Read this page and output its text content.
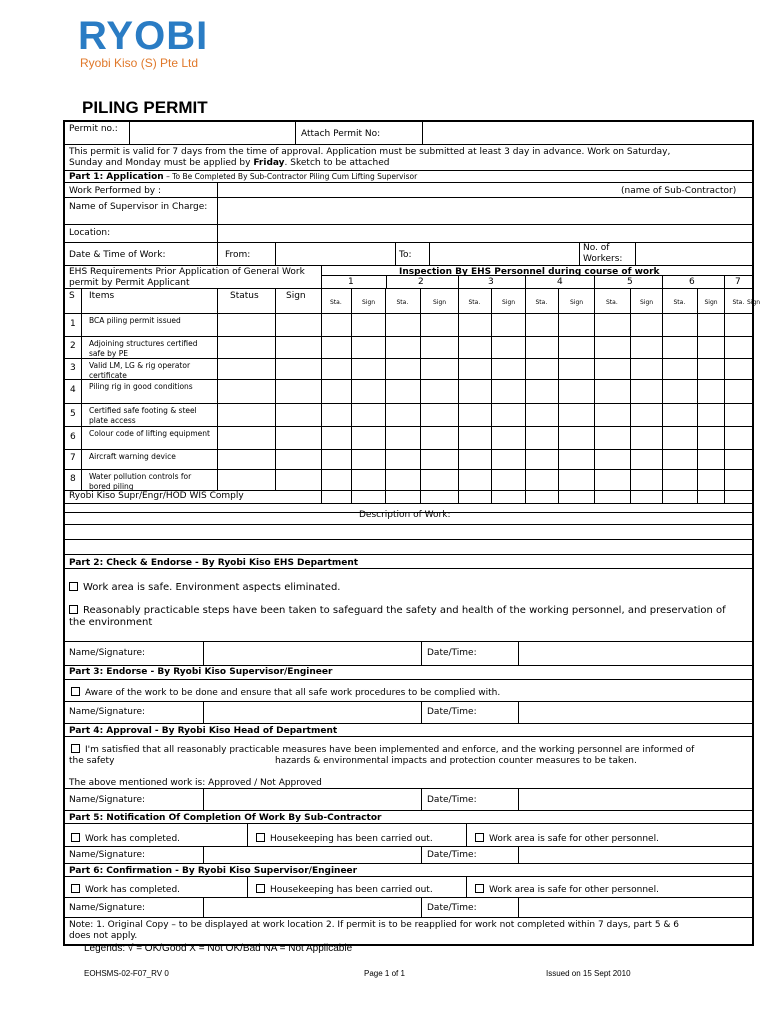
RYOBI
Ryobi Kiso (S) Pte Ltd
PILING PERMIT
Permit no.:	Attach Permit No:
This permit is valid for 7 days from the time of approval. Application must be submitted at least 3 day in advance. Work on Saturday,
Sunday and Monday must be applied by Friday. Sketch to be attached
Part 1: Application – To Be Completed By Sub-Contractor Piling Cum Lifting Supervisor
Work Performed by :	(name of Sub-Contractor)
Name of Supervisor in Charge:
Location:
Date & Time of Work:	From:	To:
No. of Workers:
EHS Requirements Prior Application of General Work permit by Permit Applicant
Inspection By EHS Personnel during course of work
1	2	3	4	5	6	7
S Items	Status	Sign
Sta.	Sign	Sta.	Sign	Sta.	Sign	Sta.	Sign	Sta.	Sign	Sta.	Sign Sta. Sign
1 BCA piling permit issued
2 Adjoining structures certified safe by PE
3 Valid LM, LG & rig operator certificate
4 Piling rig in good conditions
5 Certified safe footing & steel plate access
6 Colour code of lifting equipment
7 Aircraft warning device
8 Water pollution controls for bored piling
Ryobi Kiso Supr/Engr/HOD WIS Comply
Description of Work:
Part 2: Check & Endorse - By Ryobi Kiso EHS Department
Work area is safe. Environment aspects eliminated.
Reasonably practicable steps have been taken to safeguard the safety and health of the working personnel, and preservation of
the environment
Name/Signature:	Date/Time:
Part 3: Endorse - By Ryobi Kiso Supervisor/Engineer
Aware of the work to be done and ensure that all safe work procedures to be complied with.
Name/Signature:	Date/Time:
Part 4: Approval - By Ryobi Kiso Head of Department
I'm satisfied that all reasonably practicable measures have been implemented and enforce, and the working personnel are informed of
the safety	hazards & environmental impacts and protection counter measures to be taken.
The above mentioned work is: Approved / Not Approved
Name/Signature:	Date/Time:
Part 5: Notification Of Completion Of Work By Sub-Contractor
Work has completed.	Housekeeping has been carried out.	Work area is safe for other personnel.
Name/Signature:	Date/Time:
Part 6: Confirmation - By Ryobi Kiso Supervisor/Engineer
Work has completed.	Housekeeping has been carried out.	Work area is safe for other personnel.
Name/Signature:	Date/Time:
Note: 1. Original Copy – to be displayed at work location 2. If permit is to be reapplied for work not completed within 7 days, part 5 & 6
does not apply.
Legends: √ = OK/Good X = Not OK/Bad NA = Not Applicable
EOHSMS-02-F07_RV 0	Page 1 of 1	Issued on 15 Sept 2010
